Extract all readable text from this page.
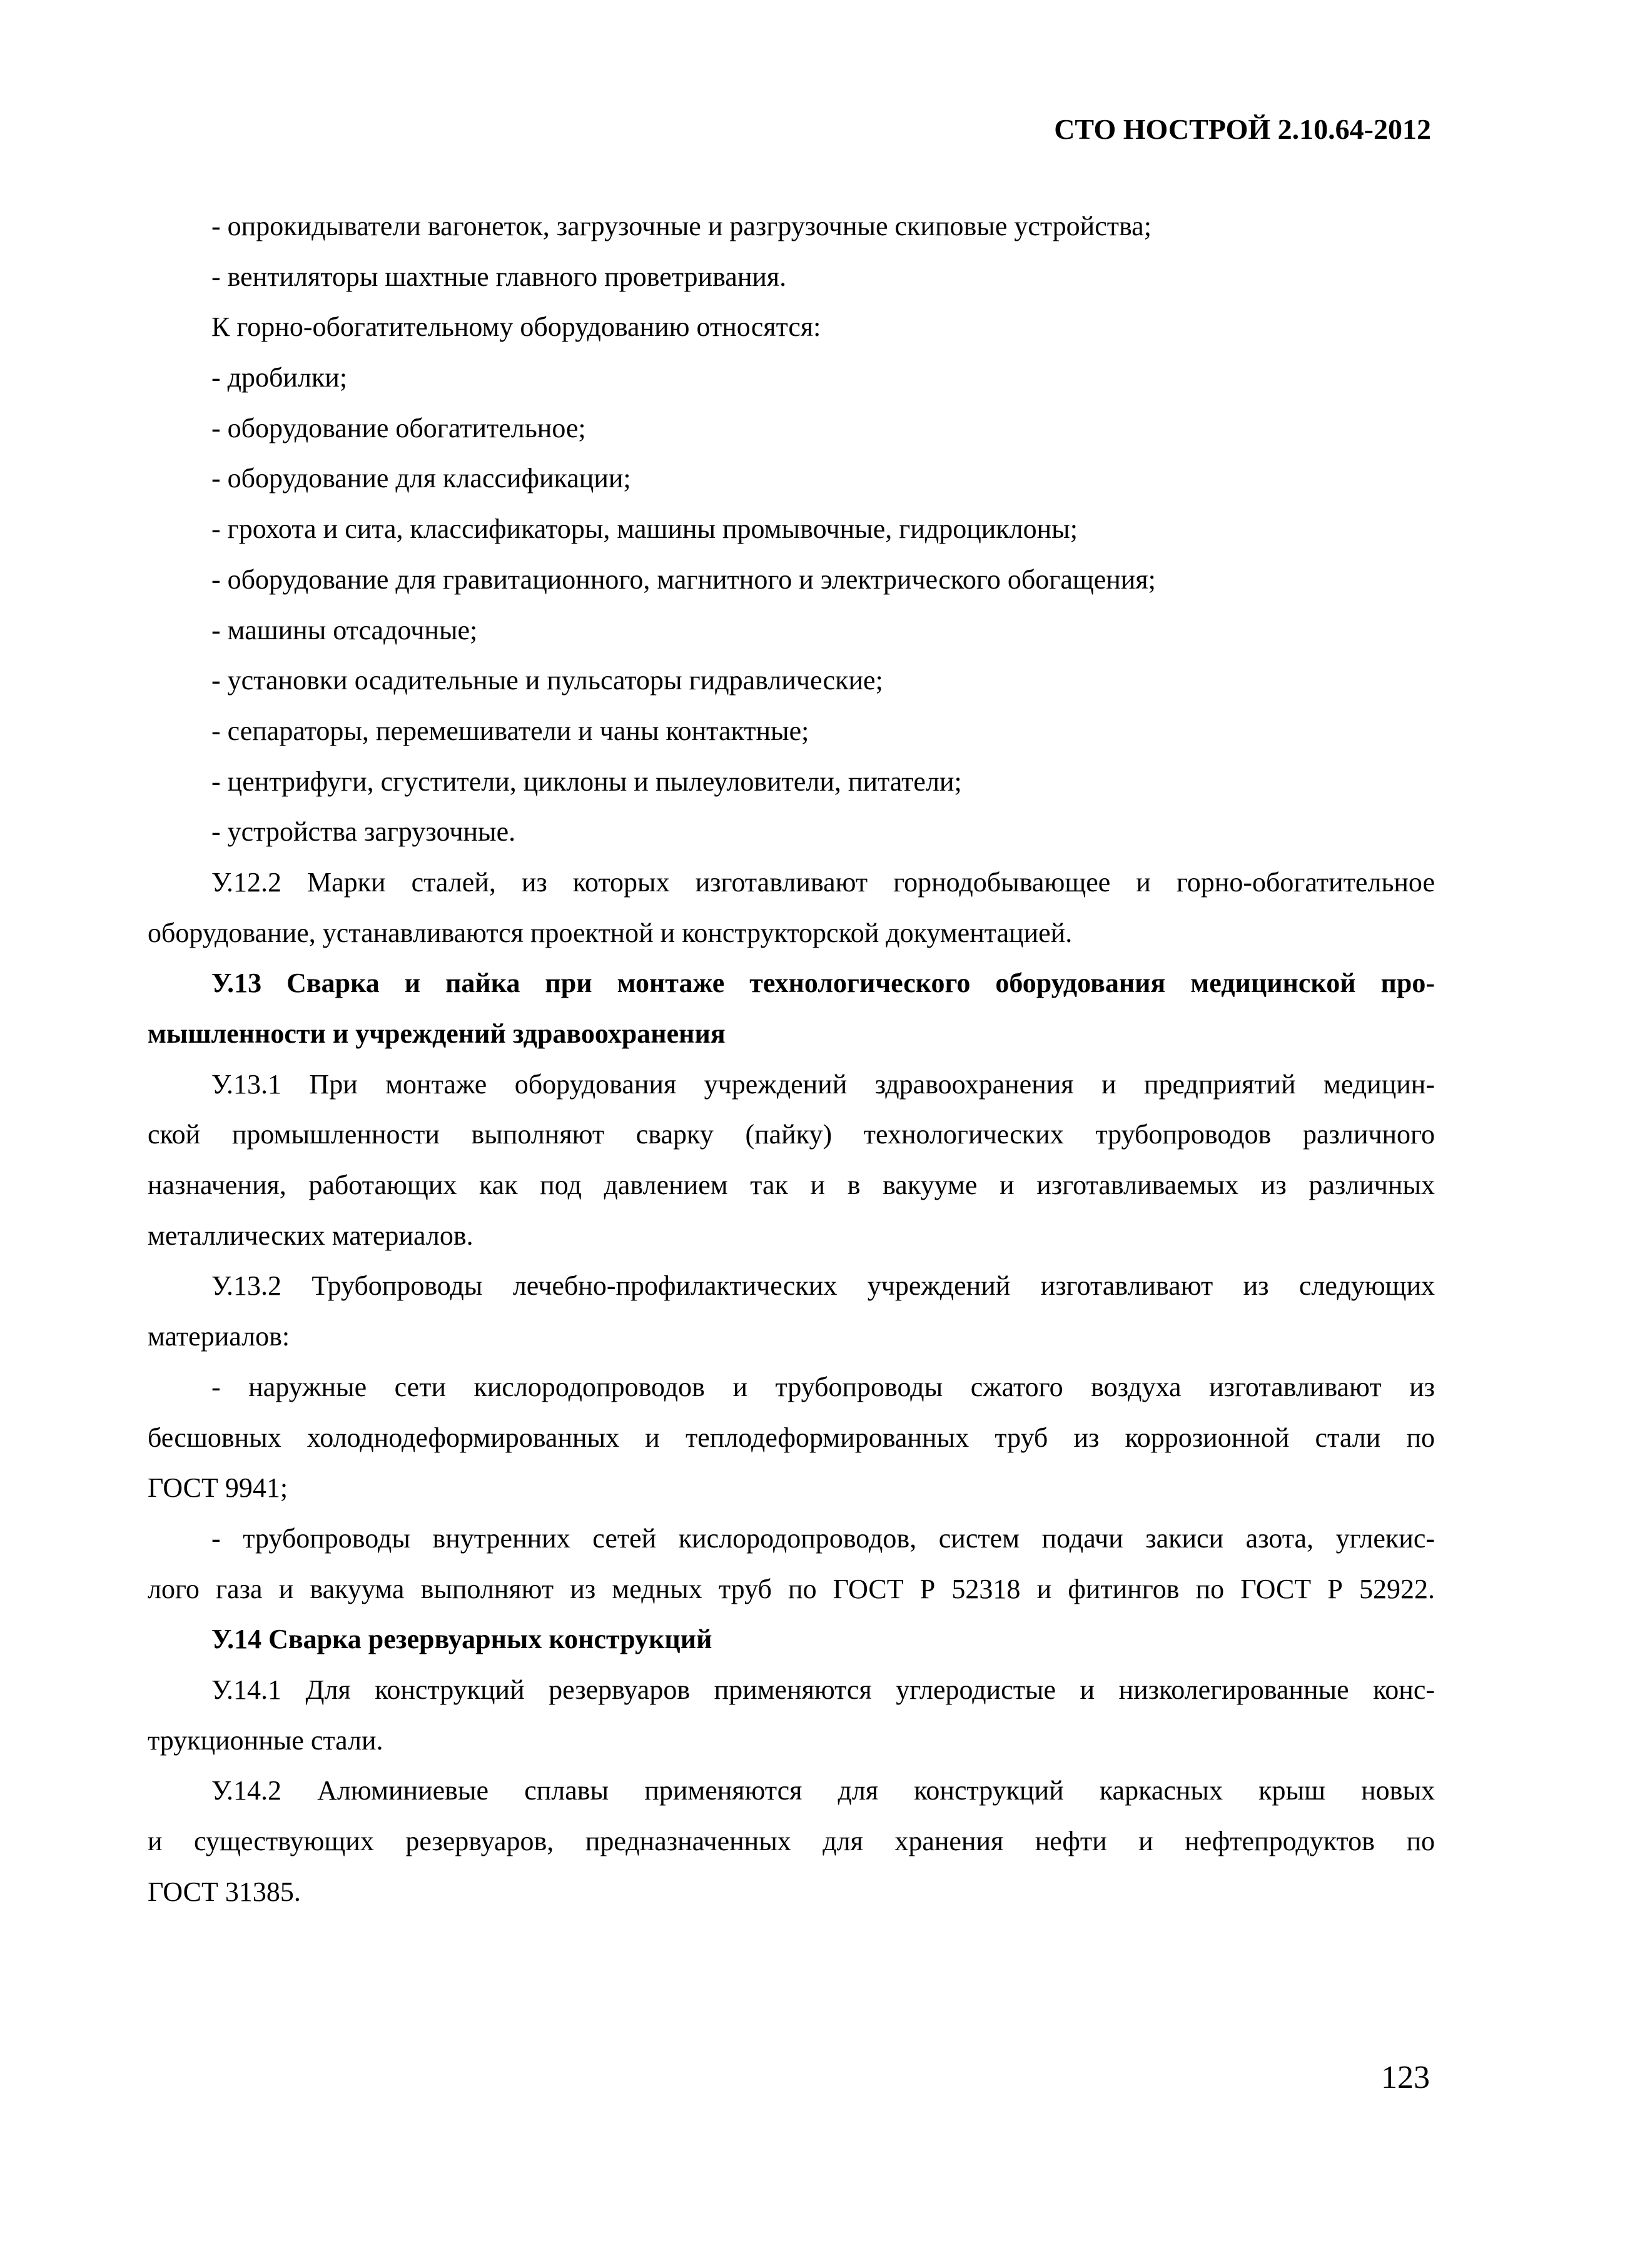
СТО НОСТРОЙ 2.10.64-2012
- опрокидыватели вагонеток, загрузочные и разгрузочные скиповые устройства;
- вентиляторы шахтные главного проветривания.
К горно-обогатительному оборудованию относятся:
- дробилки;
- оборудование обогатительное;
- оборудование для классификации;
- грохота и сита, классификаторы, машины промывочные, гидроциклоны;
- оборудование для гравитационного, магнитного и электрического обогащения;
- машины отсадочные;
- установки осадительные и пульсаторы гидравлические;
- сепараторы, перемешиватели и чаны контактные;
- центрифуги, сгустители, циклоны и пылеуловители, питатели;
- устройства загрузочные.
У.12.2 Марки сталей, из которых изготавливают горнодобывающее и горно-обогатительное
оборудование, устанавливаются проектной и конструкторской документацией.
У.13 Сварка и пайка при монтаже технологического оборудования медицинской про-
мышленности и учреждений здравоохранения
У.13.1 При монтаже оборудования учреждений здравоохранения и предприятий медицин-
ской промышленности выполняют сварку (пайку) технологических трубопроводов различного
назначения, работающих как под давлением так и в вакууме и изготавливаемых из различных
металлических материалов.
У.13.2 Трубопроводы лечебно-профилактических учреждений изготавливают из следующих
материалов:
- наружные сети кислородопроводов и трубопроводы сжатого воздуха изготавливают из
бесшовных холоднодеформированных и теплодеформированных труб из коррозионной стали по
ГОСТ 9941;
- трубопроводы внутренних сетей кислородопроводов, систем подачи закиси азота, углекис-
лого газа и вакуума выполняют из медных труб по ГОСТ Р 52318 и фитингов по ГОСТ Р 52922.
У.14 Сварка резервуарных конструкций
У.14.1 Для конструкций резервуаров применяются углеродистые и низколегированные конс-
трукционные стали.
У.14.2 Алюминиевые сплавы применяются для конструкций каркасных крыш новых
и существующих резервуаров, предназначенных для хранения нефти и нефтепродуктов по
ГОСТ 31385.
123
